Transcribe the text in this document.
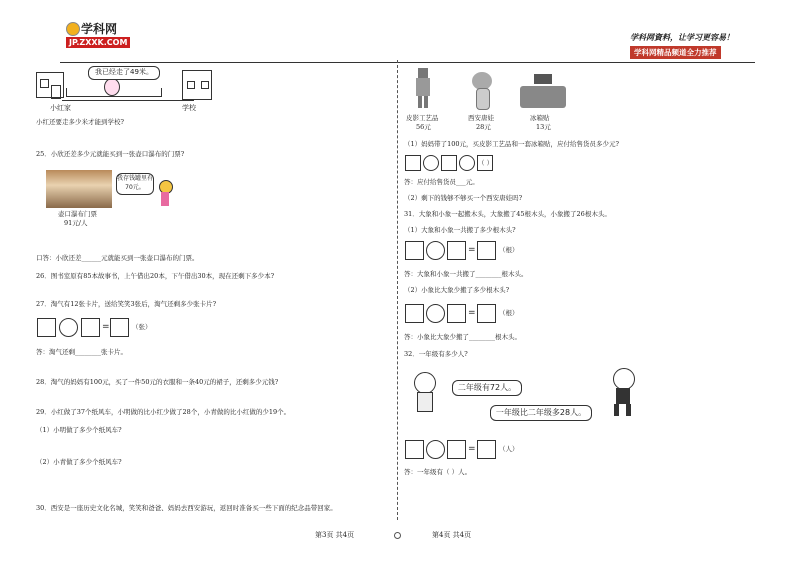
学科网
JP.ZXXK.COM
学科网資料，让学习更容易！
学科网精品频道全力推荐
我已经走了49米。
小红家	学校
小红还要走多少米才能到学校?
25．小欣还差多少元就能买到一张壶口瀑布的门票?
我存钱罐里有70元。
壶口瀑布门票
91元/人
口答：小欣还差______元就能买到一张壶口瀑布的门票。
26．图书室原有85本故事书，上午借出20本，下午借出30本，现在还剩下多少本?
27．淘气有12张卡片，送给笑笑3张后，淘气还剩多少张卡片?
=	（张）
答：淘气还剩________张卡片。
28．淘气的妈妈有100元，买了一件50元的衣服和一条40元的裙子，还剩多少元钱?
29．小红做了37个纸风车，小明做的比小红少做了28个，小青做的比小红做的少19个。
（1）小明做了多少个纸风车?
（2）小青做了多少个纸风车?
30．西安是一座历史文化名城，笑笑和爸爸、妈妈去西安游玩，返回时准备买一些下面的纪念品带回家。
第3页 共4页
皮影工艺品
56元
西安唐娃
28元
冰箱贴
13元
（1）妈妈带了100元，买皮影工艺品和一套冰箱贴，应付给售货员多少元?
（ ）
答：应付给售货员___元。
（2）剩下的钱够不够买一个西安唐娃吗?
31．大象和小象一起搬木头，大象搬了45根木头，小象搬了26根木头。
（1）大象和小象一共搬了多少根木头?
=	（根）
答：大象和小象一共搬了________根木头。
（2）小象比大象少搬了多少根木头?
=	（根）
答：小象比大象少搬了________根木头。
32．一年级有多少人?
二年级有72人。
一年级比二年级多28人。
=	（人）
答：一年级有（ ）人。
第4页 共4页
